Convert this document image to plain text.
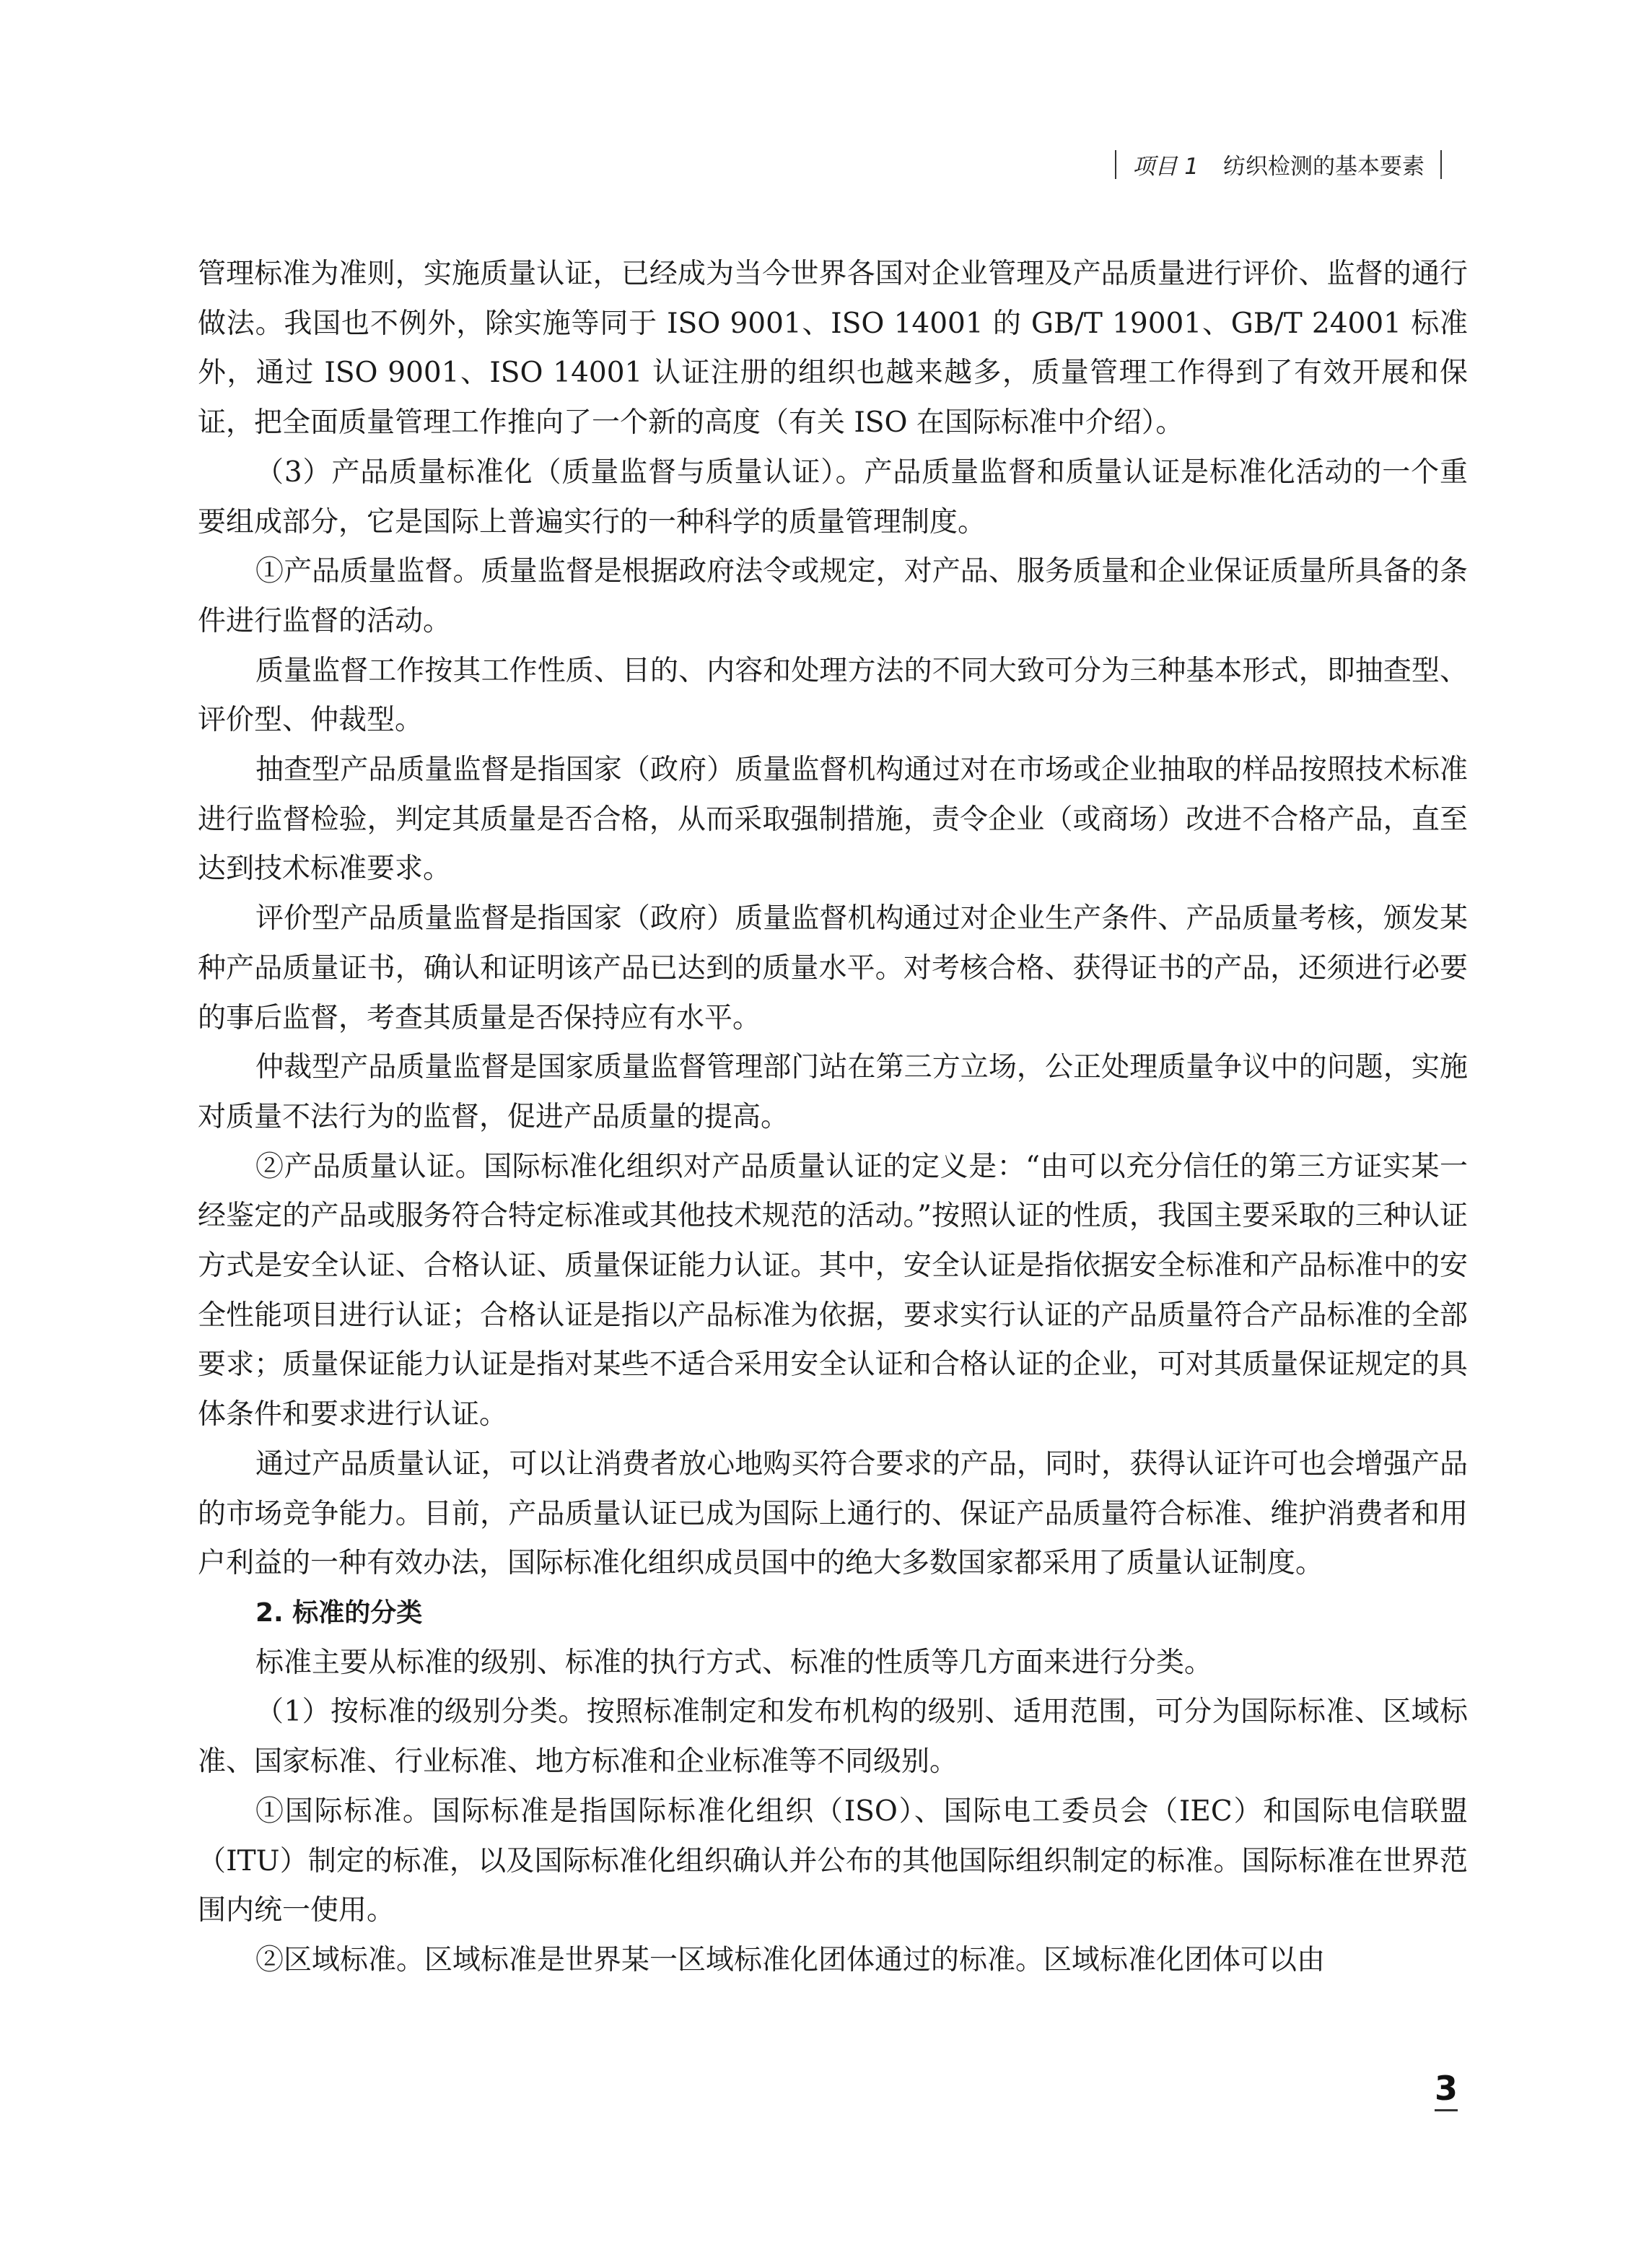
项目 1 纺织检测的基本要素

管理标准为准则，实施质量认证，已经成为当今世界各国对企业管理及产品质量进行评价、监督的通行做法。我国也不例外，除实施等同于 ISO 9001、ISO 14001 的 GB/T 19001、GB/T 24001 标准外，通过 ISO 9001、ISO 14001 认证注册的组织也越来越多，质量管理工作得到了有效开展和保证，把全面质量管理工作推向了一个新的高度（有关 ISO 在国际标准中介绍）。

（3）产品质量标准化（质量监督与质量认证）。产品质量监督和质量认证是标准化活动的一个重要组成部分，它是国际上普遍实行的一种科学的质量管理制度。

①产品质量监督。质量监督是根据政府法令或规定，对产品、服务质量和企业保证质量所具备的条件进行监督的活动。

质量监督工作按其工作性质、目的、内容和处理方法的不同大致可分为三种基本形式，即抽查型、评价型、仲裁型。

抽查型产品质量监督是指国家（政府）质量监督机构通过对在市场或企业抽取的样品按照技术标准进行监督检验，判定其质量是否合格，从而采取强制措施，责令企业（或商场）改进不合格产品，直至达到技术标准要求。

评价型产品质量监督是指国家（政府）质量监督机构通过对企业生产条件、产品质量考核，颁发某种产品质量证书，确认和证明该产品已达到的质量水平。对考核合格、获得证书的产品，还须进行必要的事后监督，考查其质量是否保持应有水平。

仲裁型产品质量监督是国家质量监督管理部门站在第三方立场，公正处理质量争议中的问题，实施对质量不法行为的监督，促进产品质量的提高。

②产品质量认证。国际标准化组织对产品质量认证的定义是：“由可以充分信任的第三方证实某一经鉴定的产品或服务符合特定标准或其他技术规范的活动。”按照认证的性质，我国主要采取的三种认证方式是安全认证、合格认证、质量保证能力认证。其中，安全认证是指依据安全标准和产品标准中的安全性能项目进行认证；合格认证是指以产品标准为依据，要求实行认证的产品质量符合产品标准的全部要求；质量保证能力认证是指对某些不适合采用安全认证和合格认证的企业，可对其质量保证规定的具体条件和要求进行认证。

通过产品质量认证，可以让消费者放心地购买符合要求的产品，同时，获得认证许可也会增强产品的市场竞争能力。目前，产品质量认证已成为国际上通行的、保证产品质量符合标准、维护消费者和用户利益的一种有效办法，国际标准化组织成员国中的绝大多数国家都采用了质量认证制度。

2. 标准的分类

标准主要从标准的级别、标准的执行方式、标准的性质等几方面来进行分类。

（1）按标准的级别分类。按照标准制定和发布机构的级别、适用范围，可分为国际标准、区域标准、国家标准、行业标准、地方标准和企业标准等不同级别。

①国际标准。国际标准是指国际标准化组织（ISO）、国际电工委员会（IEC）和国际电信联盟（ITU）制定的标准，以及国际标准化组织确认并公布的其他国际组织制定的标准。国际标准在世界范围内统一使用。

②区域标准。区域标准是世界某一区域标准化团体通过的标准。区域标准化团体可以由

3
